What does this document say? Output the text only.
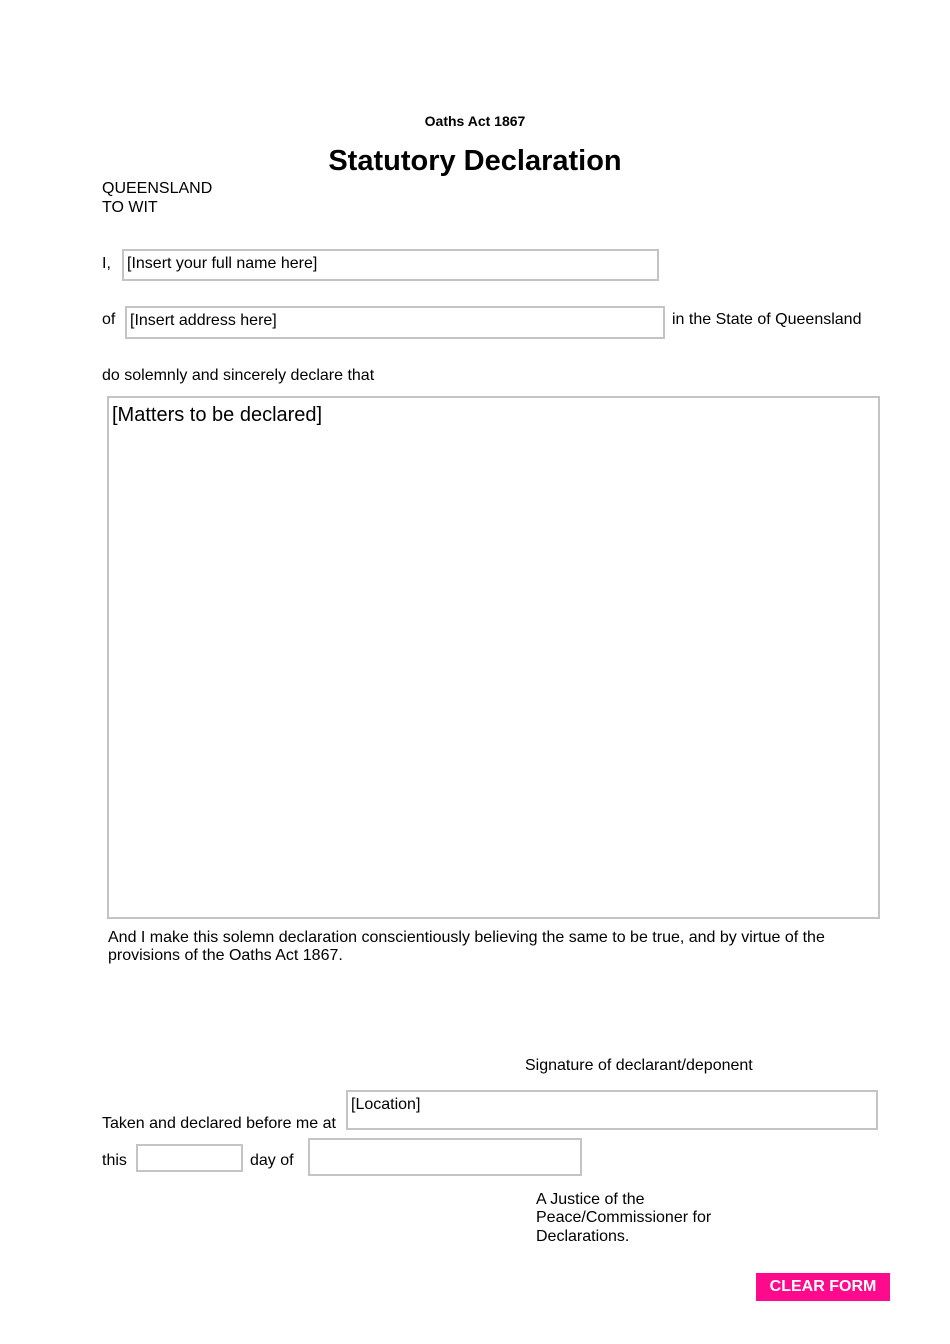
Oaths Act 1867
Statutory Declaration
QUEENSLAND
TO WIT
I,	[Insert your full name here]
of [Insert address here]	in the State of Queensland
do solemnly and sincerely declare that
[Matters to be declared]
And I make this solemn declaration conscientiously believing the same to be true, and by virtue of the
provisions of the Oaths Act 1867.
Signature of declarant/deponent
Taken and declared before me at
[Location]
this	day of
A Justice of the
Peace/Commissioner for
Declarations.
CLEAR FORM
